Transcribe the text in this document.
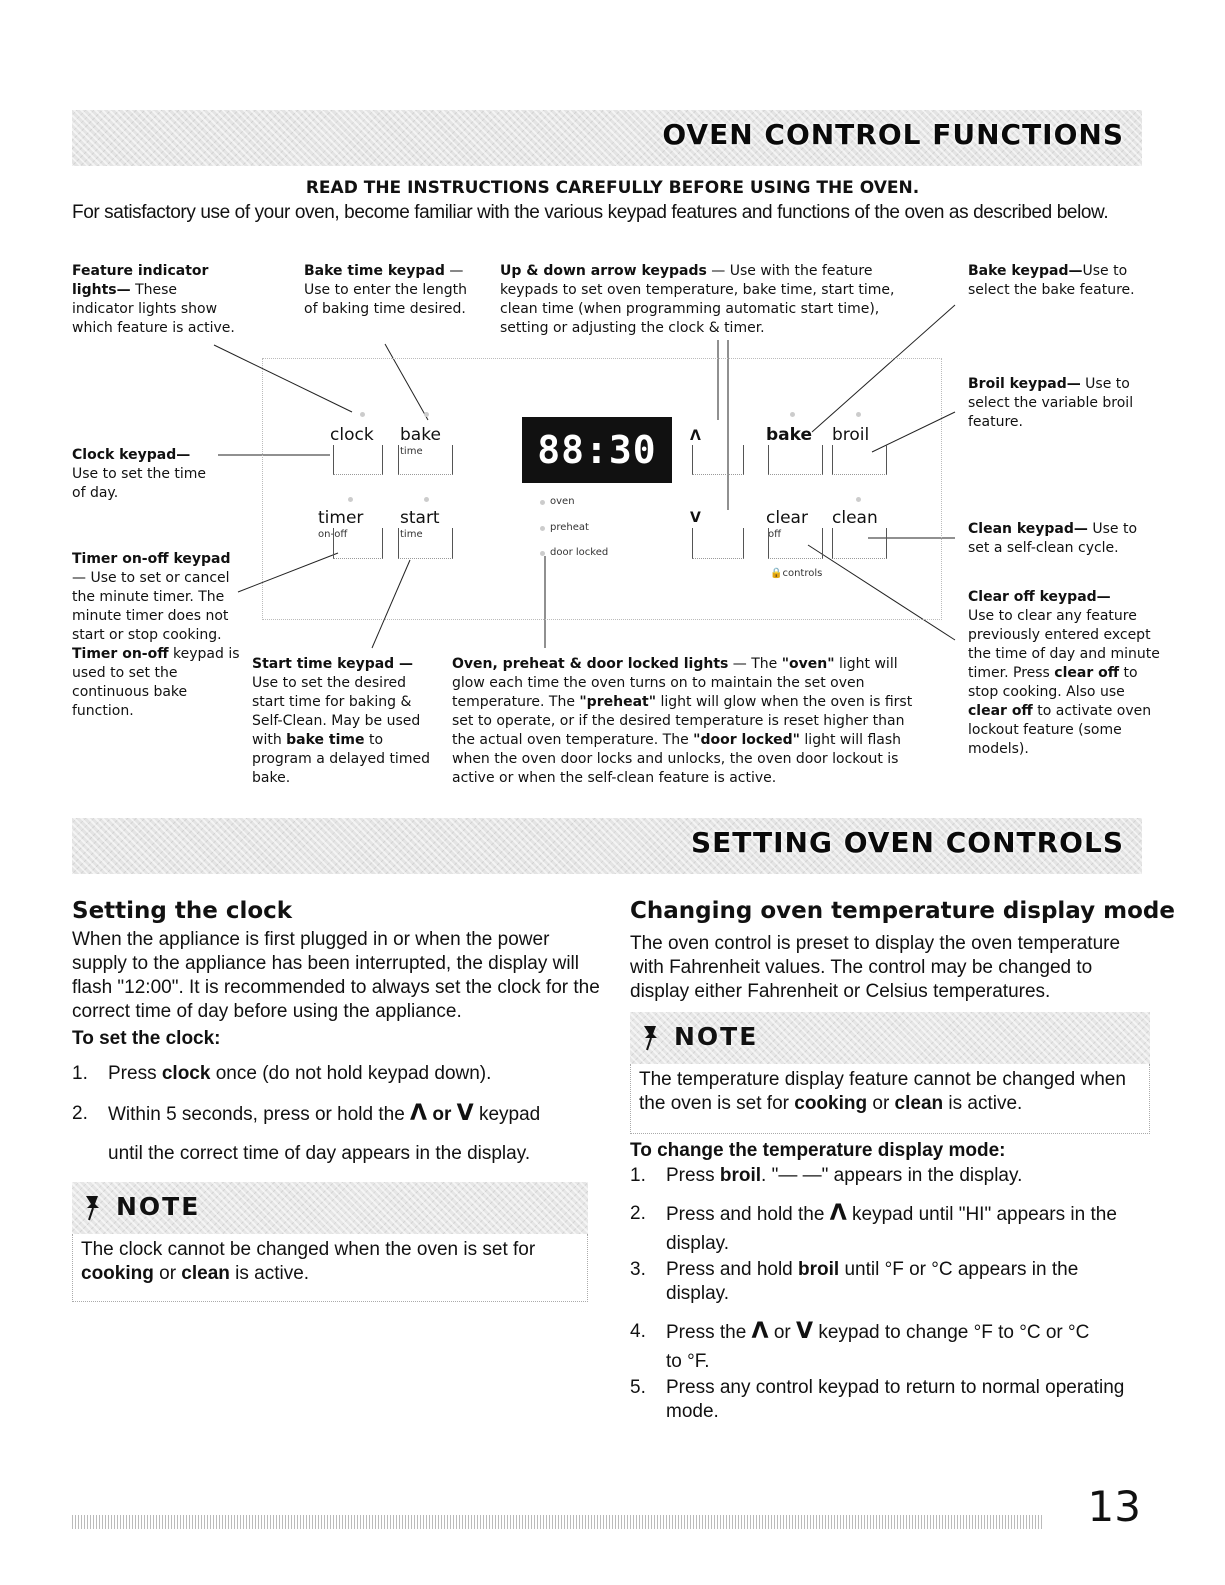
OVEN CONTROL FUNCTIONS
READ THE INSTRUCTIONS CAREFULLY BEFORE USING THE OVEN.
For satisfactory use of your oven, become familiar with the various keypad features and functions of the oven as described below.
Feature indicator lights— These indicator lights show which feature is active.
Bake time keypad — Use to enter the length of baking time desired.
Up & down arrow keypads — Use with the feature keypads to set oven temperature, bake time, start time, clean time (when programming automatic start time), setting or adjusting the clock & timer.
Bake keypad—Use to select the bake feature.
Broil keypad— Use to select the variable broil feature.
Clock keypad—
Use to set the time of day.
Timer on-off keypad — Use to set or cancel the minute timer. The minute timer does not start or stop cooking. Timer on-off keypad is used to set the continuous bake function.
Clean keypad— Use to set a self-clean cycle.
Clear off keypad—
Use to clear any feature previously entered except the time of day and minute timer. Press clear off to stop cooking. Also use clear off to activate oven lockout feature (some models).
Start time keypad — Use to set the desired start time for baking & Self-Clean. May be used with bake time to program a delayed timed bake.
Oven, preheat & door locked lights — The "oven" light will glow each time the oven turns on to maintain the set oven temperature. The "preheat" light will glow when the oven is first set to operate, or if the desired temperature is reset higher than the actual oven temperature. The "door locked" light will flash when the oven door locks and unlocks, the oven door lockout is active or when the self-clean feature is active.
clock bake
time
timer
on-off
start
time
88:30
oven
preheat
door locked
Λ
V
bake broil
clear
off
clean
🔒controls
SETTING OVEN CONTROLS
Setting the clock
When the appliance is first plugged in or when the power supply to the appliance has been interrupted, the display will flash "12:00". It is recommended to always set the clock for the correct time of day before using the appliance.
To set the clock:
1. Press clock once (do not hold keypad down).
2. Within 5 seconds, press or hold the Λ or V keypad
until the correct time of day appears in the display.
NOTE
The clock cannot be changed when the oven is set for cooking or clean is active.
Changing oven temperature display mode
The oven control is preset to display the oven temperature with Fahrenheit values. The control may be changed to display either Fahrenheit or Celsius temperatures.
NOTE
The temperature display feature cannot be changed when the oven is set for cooking or clean is active.
To change the temperature display mode:
1. Press broil. "— —" appears in the display.
2. Press and hold the Λ keypad until "HI" appears in the
display.
3. Press and hold broil until °F or °C appears in the
display.
4. Press the Λ or V keypad to change °F to °C or °C
to °F.
5. Press any control keypad to return to normal operating
mode.
13
